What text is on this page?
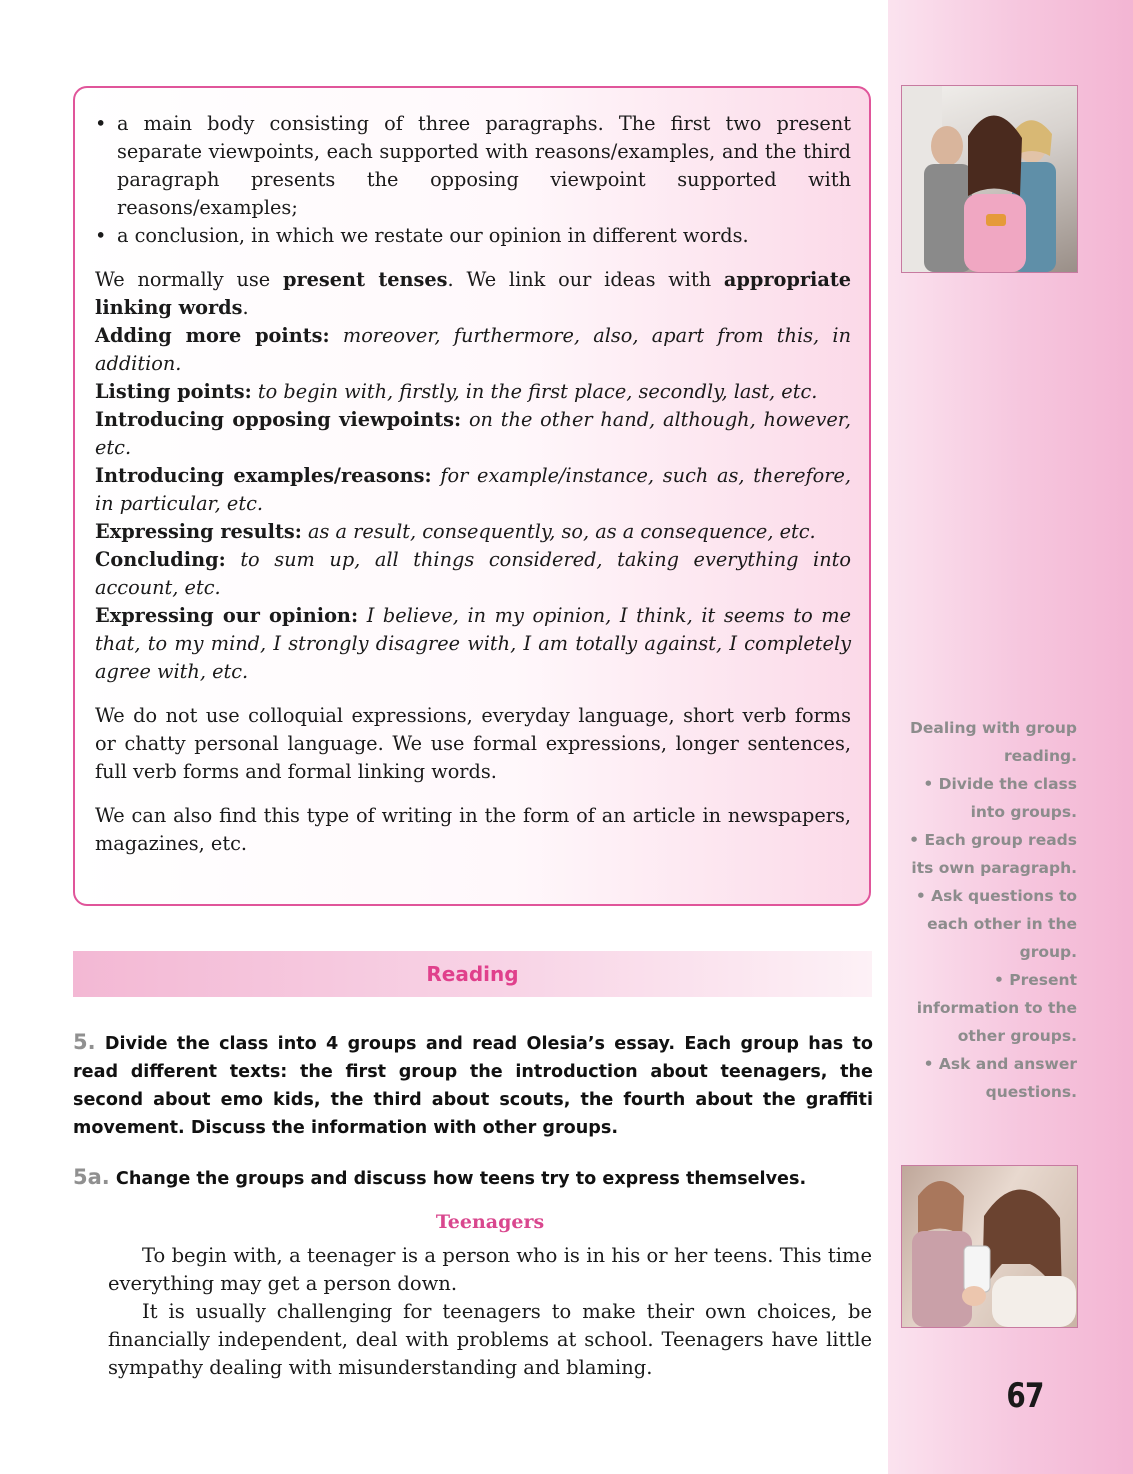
• a main body consisting of three paragraphs. The first two present separate viewpoints, each supported with reasons/examples, and the third paragraph presents the opposing viewpoint supported with reasons/examples;
• a conclusion, in which we restate our opinion in different words.

We normally use present tenses. We link our ideas with appropriate linking words.

Adding more points: moreover, furthermore, also, apart from this, in addition.

Listing points: to begin with, firstly, in the first place, secondly, last, etc.

Introducing opposing viewpoints: on the other hand, although, however, etc.

Introducing examples/reasons: for example/instance, such as, therefore, in particular, etc.

Expressing results: as a result, consequently, so, as a consequence, etc.

Concluding: to sum up, all things considered, taking everything into account, etc.

Expressing our opinion: I believe, in my opinion, I think, it seems to me that, to my mind, I strongly disagree with, I am totally against, I completely agree with, etc.

We do not use colloquial expressions, everyday language, short verb forms or chatty personal language. We use formal expressions, longer sentences, full verb forms and formal linking words.

We can also find this type of writing in the form of an article in newspapers, magazines, etc.

Reading

5. Divide the class into 4 groups and read Olesia’s essay. Each group has to read different texts: the first group the introduction about teenagers, the second about emo kids, the third about scouts, the fourth about the graffiti movement. Discuss the information with other groups.

5a. Change the groups and discuss how teens try to express themselves.

Teenagers

To begin with, a teenager is a person who is in his or her teens. This time everything may get a person down.

It is usually challenging for teenagers to make their own choices, be financially independent, deal with problems at school. Teenagers have little sympathy dealing with misunderstanding and blaming.

Dealing with group reading.
• Divide the class into groups.
• Each group reads its own paragraph.
• Ask questions to each other in the group.
• Present information to the other groups.
• Ask and answer questions.
67
